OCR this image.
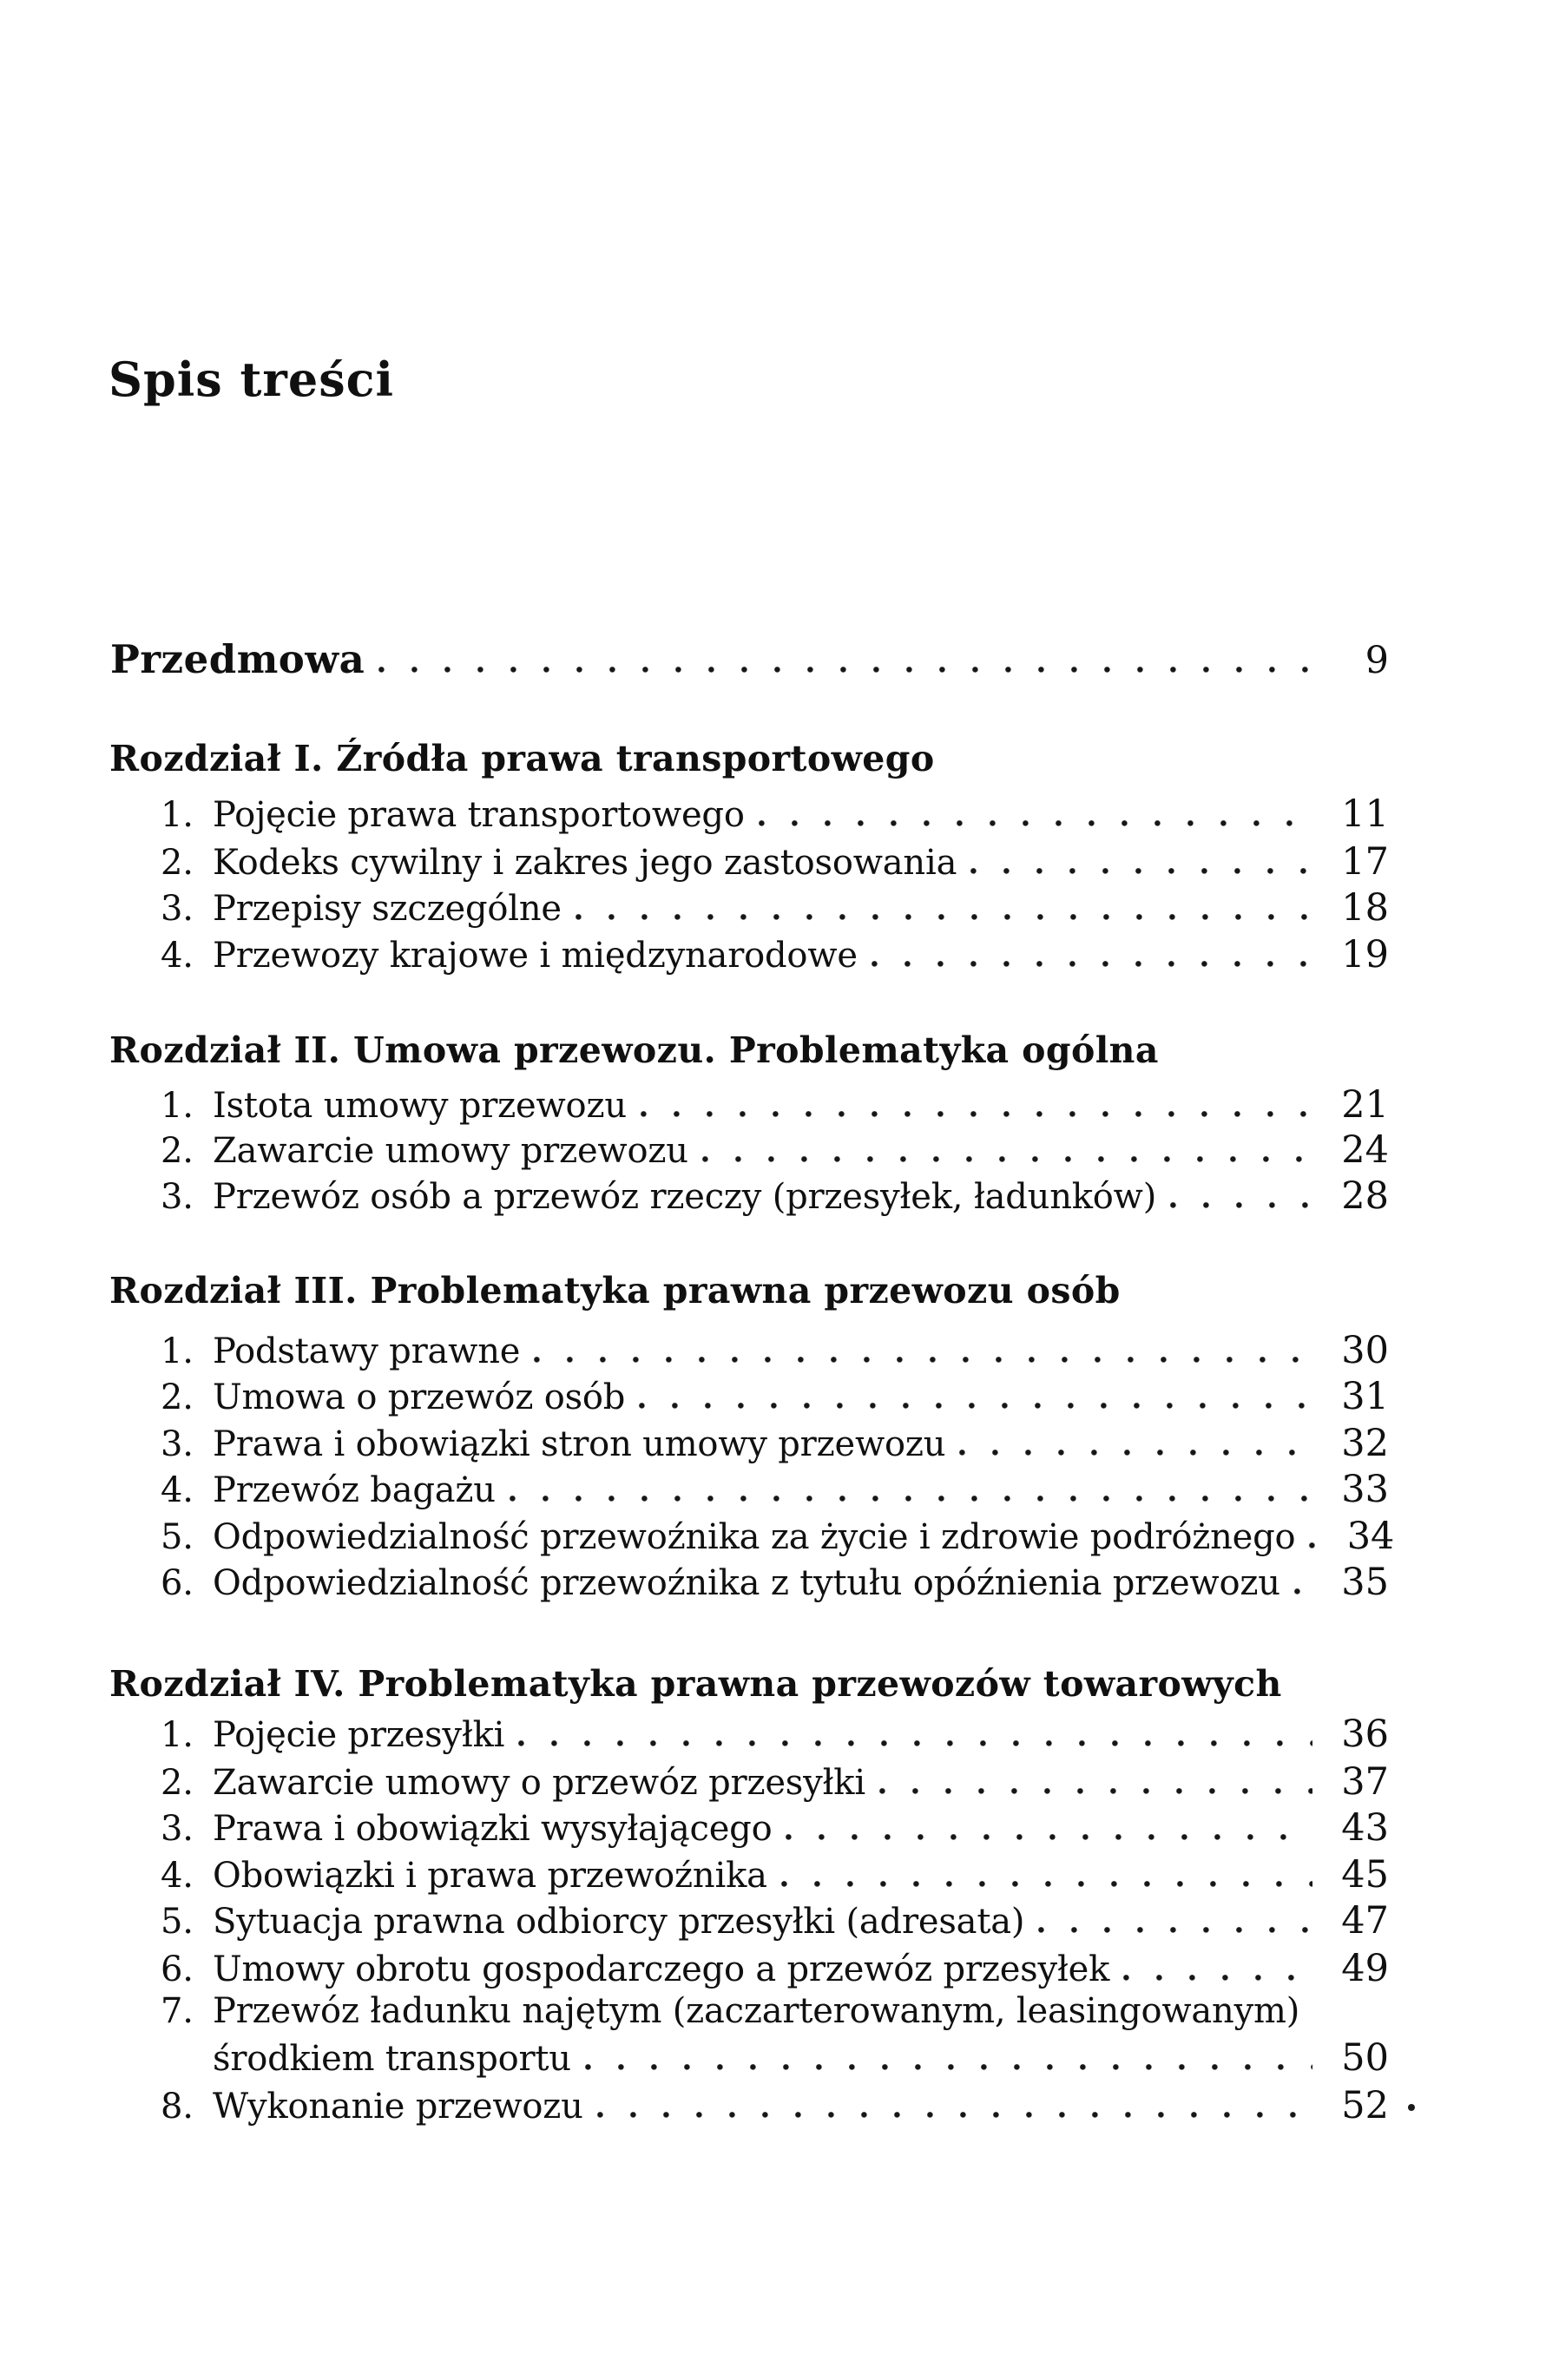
Spis treści
Przedmowa	9
Rozdział I. Źródła prawa transportowego
1. Pojęcie prawa transportowego	11
2. Kodeks cywilny i zakres jego zastosowania	17
3. Przepisy szczególne	18
4. Przewozy krajowe i międzynarodowe	19
Rozdział II. Umowa przewozu. Problematyka ogólna
1. Istota umowy przewozu	21
2. Zawarcie umowy przewozu	24
3. Przewóz osób a przewóz rzeczy (przesyłek, ładunków)	28
Rozdział III. Problematyka prawna przewozu osób
1. Podstawy prawne	30
2. Umowa o przewóz osób	31
3. Prawa i obowiązki stron umowy przewozu	32
4. Przewóz bagażu	33
5. Odpowiedzialność przewoźnika za życie i zdrowie podróżnego 34
6. Odpowiedzialność przewoźnika z tytułu opóźnienia przewozu 35
Rozdział IV. Problematyka prawna przewozów towarowych
1. Pojęcie przesyłki	36
2. Zawarcie umowy o przewóz przesyłki	37
3. Prawa i obowiązki wysyłającego	43
4. Obowiązki i prawa przewoźnika	45
5. Sytuacja prawna odbiorcy przesyłki (adresata)	47
6. Umowy obrotu gospodarczego a przewóz przesyłek	49
7. Przewóz ładunku najętym (zaczarterowanym, leasingowanym)
środkiem transportu	50
8. Wykonanie przewozu	52
